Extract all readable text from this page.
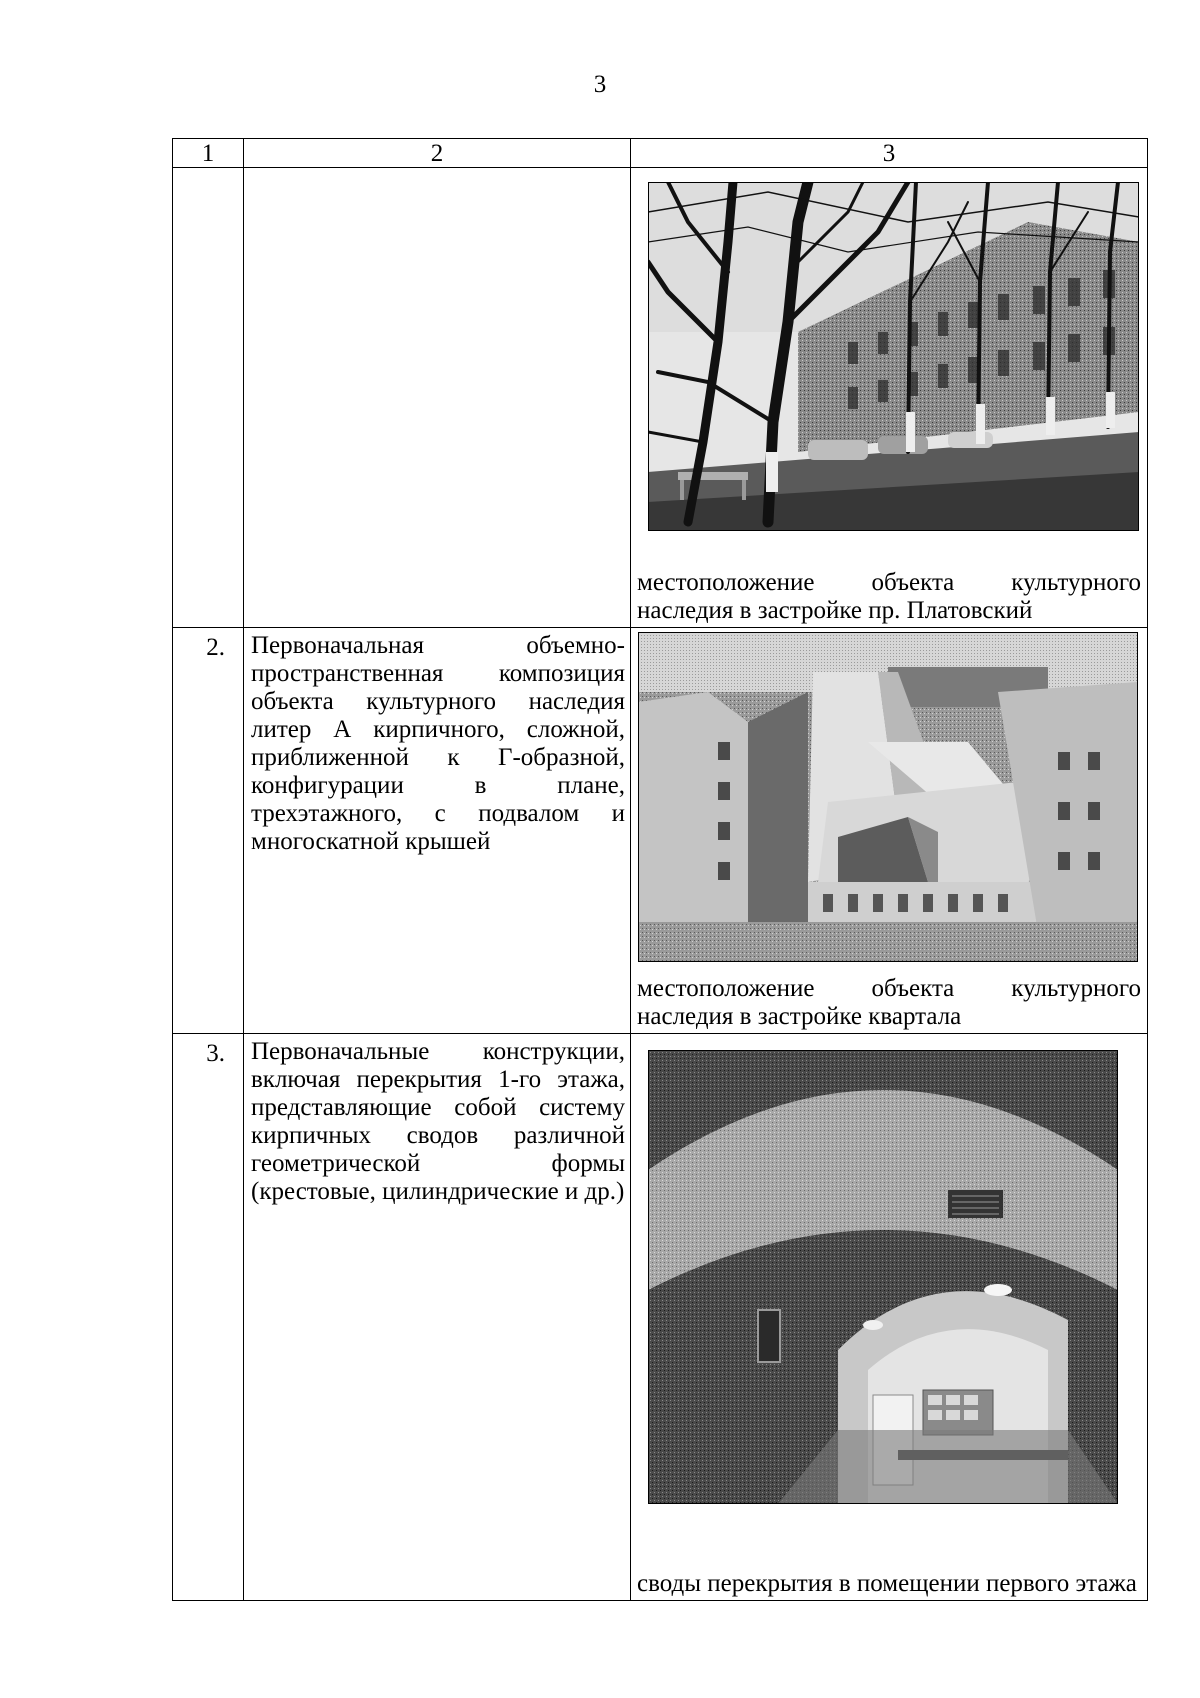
3
1	2	3

		местоположение объекта культурного наследия в застройке пр. Платовский

2.	Первоначальная объемно-пространственная композиция объекта культурного наследия литер А кирпичного, сложной, приближенной к Г-образной, конфигурации в плане, трехэтажного, с подвалом и многоскатной крышей	местоположение объекта культурного наследия в застройке квартала

3.	Первоначальные конструкции, включая перекрытия 1-го этажа, представляющие собой систему кирпичных сводов различной геометрической формы (крестовые, цилиндрические и др.)	своды перекрытия в помещении первого этажа
